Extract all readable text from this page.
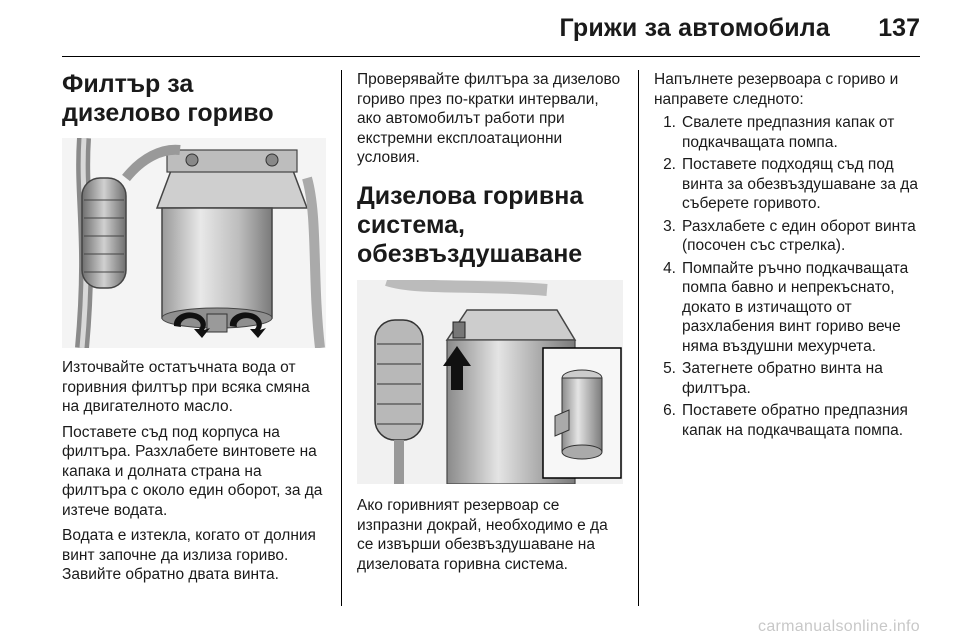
Грижи за автомобила 137
Филтър за дизелово гориво

Източвайте остатъчната вода от горивния филтър при всяка смяна на двигателното масло.

Поставете съд под корпуса на филтъра. Разхлабете винтовете на капака и долната страна на филтъра с около един оборот, за да изтече водата.

Водата е изтекла, когато от долния винт започне да излиза гориво. Завийте обратно двата винта.

Проверявайте филтъра за дизелово гориво през по-кратки интервали, ако автомобилът работи при екстремни експлоатационни условия.

Дизелова горивна система, обезвъздушаване

Ако горивният резервоар се изпразни докрай, необходимо е да се извърши обезвъздушаване на дизеловата горивна система.

Напълнете резервоара с гориво и направете следното:

1. Свалете предпазния капак от подкачващата помпа.
2. Поставете подходящ съд под винта за обезвъздушаване за да съберете горивото.
3. Разхлабете с един оборот винта (посочен със стрелка).
4. Помпайте ръчно подкачващата помпа бавно и непрекъснато, докато в изтичащото от разхлабения винт гориво вече няма въздушни мехурчета.
5. Затегнете обратно винта на филтъра.
6. Поставете обратно предпазния капак на подкачващата помпа.
carmanualsonline.info
